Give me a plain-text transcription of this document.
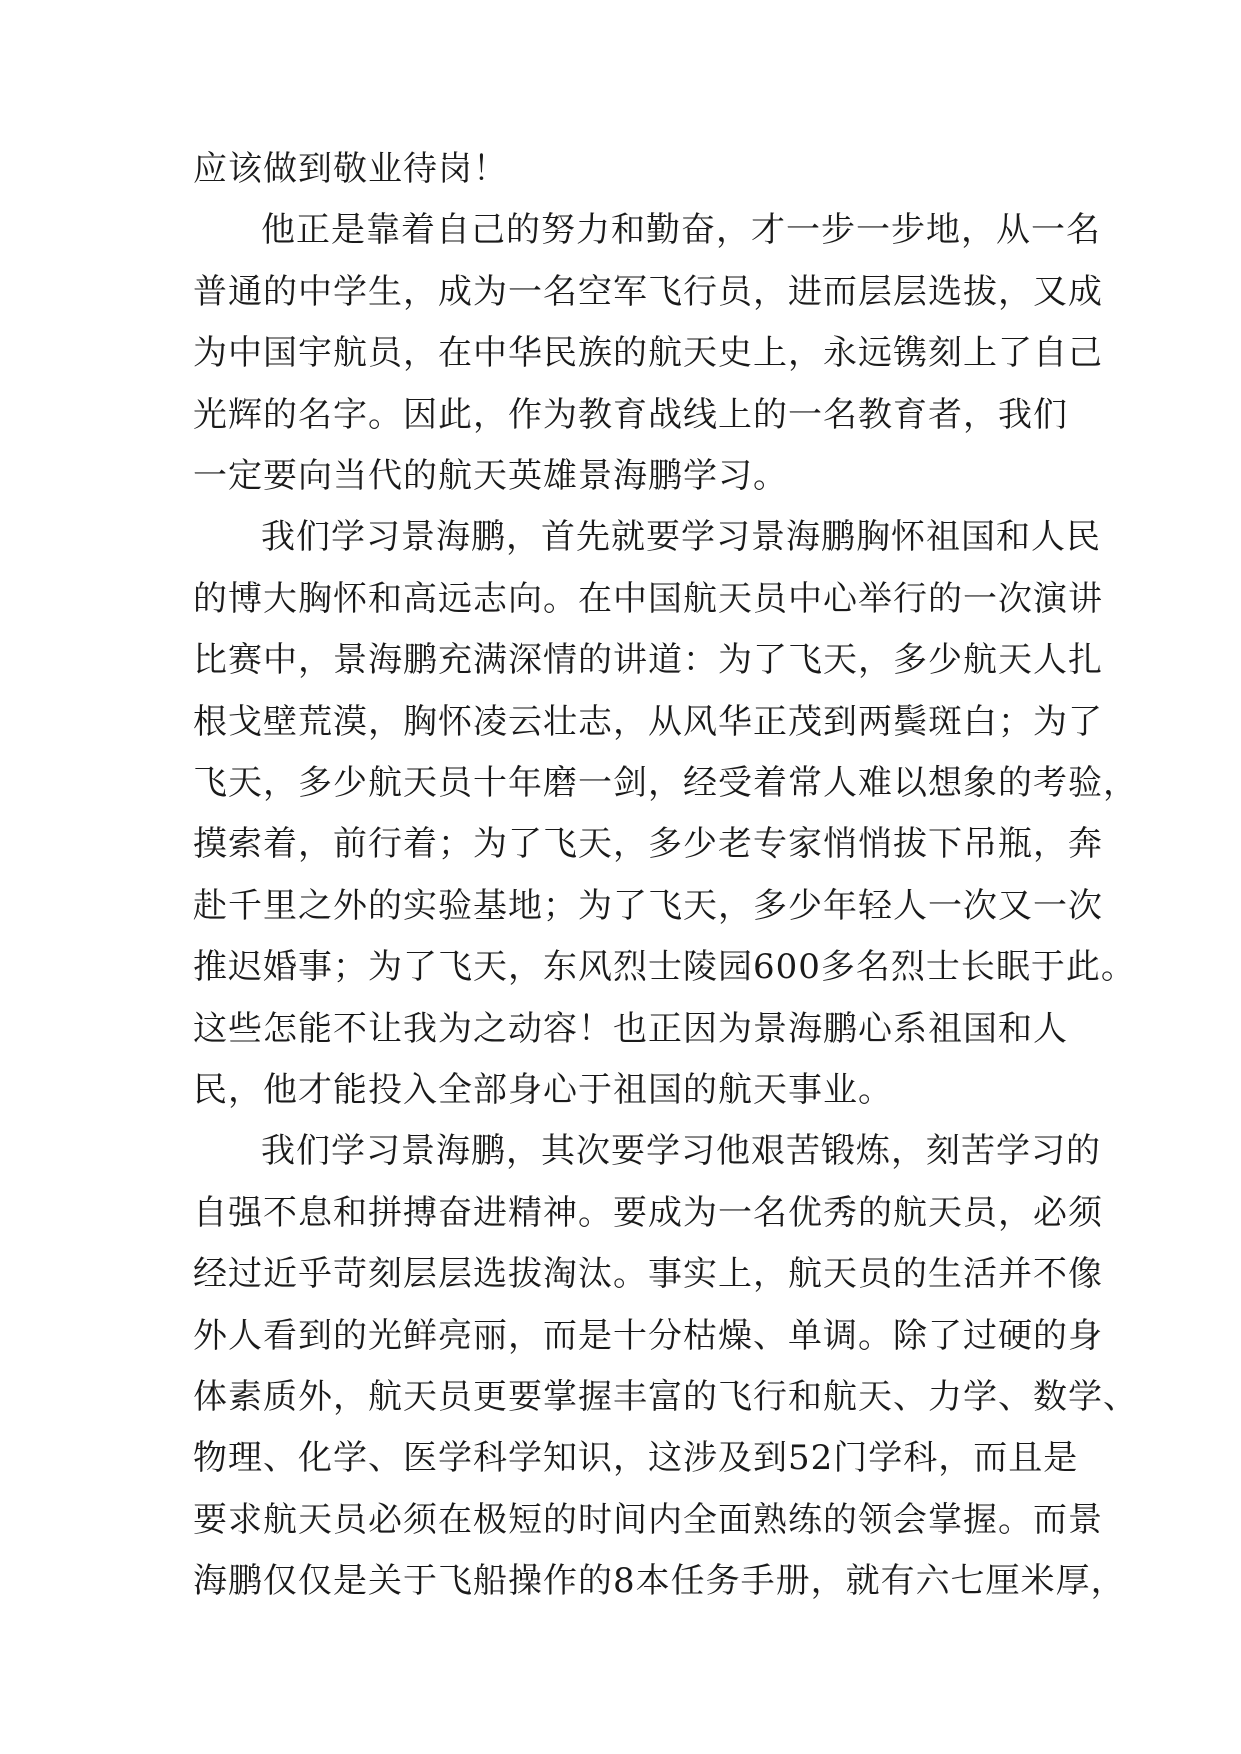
应该做到敬业待岗！
他 正 是 靠 着 自 己 的 努 力 和 勤 奋 ， 才 一 步 一 步 地 ， 从 一 名
普 通 的 中 学 生 ， 成 为 一 名 空 军 飞 行 员 ， 进 而 层 层 选 拔 ， 又 成
为 中 国 宇 航 员 ， 在 中 华 民 族 的 航 天 史 上 ， 永 远 镌 刻 上 了 自 己
光 辉 的 名 字 。 因 此 ， 作 为 教 育 战 线 上 的 一 名 教 育 者 ， 我 们
一定要向当代的航天英雄景海鹏学习。
我 们 学 习 景 海 鹏 ， 首 先 就 要 学 习 景 海 鹏 胸 怀 祖 国 和 人 民
的 博 大 胸 怀 和 高 远 志 向 。 在 中 国 航 天 员 中 心 举 行 的 一 次 演 讲
比 赛 中 ， 景 海 鹏 充 满 深 情 的 讲 道 ： 为 了 飞 天 ， 多 少 航 天 人 扎
根 戈 壁 荒 漠 ， 胸 怀 凌 云 壮 志 ， 从 风 华 正 茂 到 两 鬓 斑 白 ； 为 了
飞 天 ， 多 少 航 天 员 十 年 磨 一 剑 ， 经 受 着 常 人 难 以 想 象 的 考 验 ，
摸 索 着 ， 前 行 着 ； 为 了 飞 天 ， 多 少 老 专 家 悄 悄 拔 下 吊 瓶 ， 奔
赴 千 里 之 外 的 实 验 基 地 ； 为 了 飞 天 ， 多 少 年 轻 人 一 次 又 一 次
推 迟 婚 事 ； 为 了 飞 天 ， 东 风 烈 士 陵 园 600 多 名 烈 士 长 眠 于 此 。
这 些 怎 能 不 让 我 为 之 动 容 ！ 也 正 因 为 景 海 鹏 心 系 祖 国 和 人
民，他才能投入全部身心于祖国的航天事业。
我 们 学 习 景 海 鹏 ， 其 次 要 学 习 他 艰 苦 锻 炼 ， 刻 苦 学 习 的
自 强 不 息 和 拼 搏 奋 进 精 神 。 要 成 为 一 名 优 秀 的 航 天 员 ， 必 须
经 过 近 乎 苛 刻 层 层 选 拔 淘 汰 。 事 实 上 ， 航 天 员 的 生 活 并 不 像
外 人 看 到 的 光 鲜 亮 丽 ， 而 是 十 分 枯 燥 、 单 调 。 除 了 过 硬 的 身
体 素 质 外 ， 航 天 员 更 要 掌 握 丰 富 的 飞 行 和 航 天 、 力 学 、 数 学 、
物 理 、 化 学 、 医 学 科 学 知 识 ， 这 涉 及 到 52 门 学 科 ， 而 且 是
要 求 航 天 员 必 须 在 极 短 的 时 间 内 全 面 熟 练 的 领 会 掌 握 。 而 景
海 鹏 仅 仅 是 关 于 飞 船 操 作 的 8 本 任 务 手 册 ， 就 有 六 七 厘 米 厚 ，
